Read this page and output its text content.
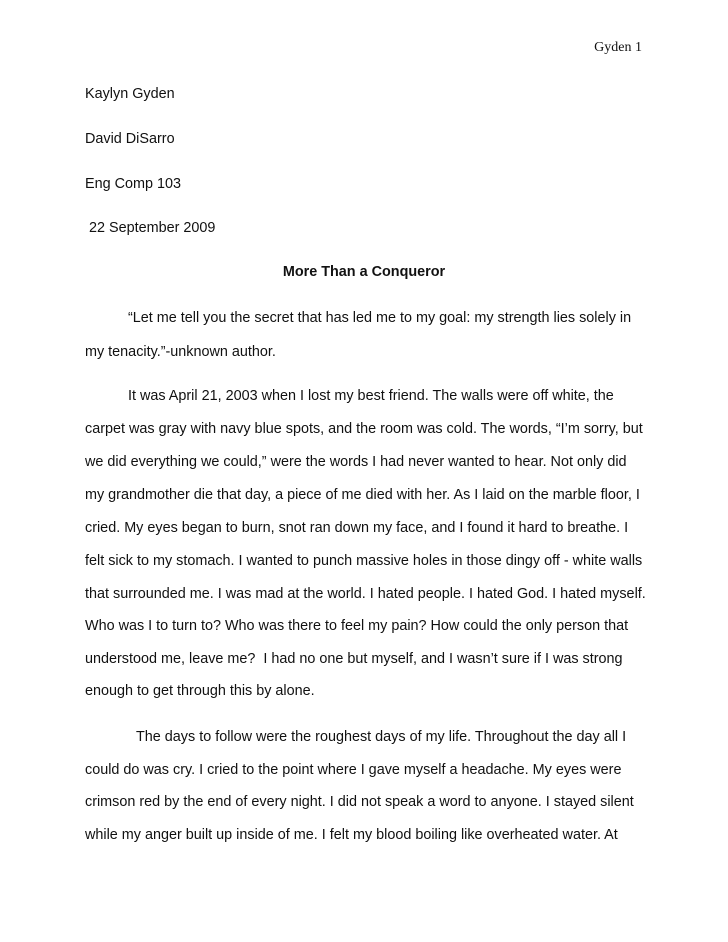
Gyden 1
Kaylyn Gyden
David DiSarro
Eng Comp 103
22 September 2009
More Than a Conqueror
“Let me tell you the secret that has led me to my goal: my strength lies solely in
my tenacity.”-unknown author.
It was April 21, 2003 when I lost my best friend. The walls were off white, the
carpet was gray with navy blue spots, and the room was cold. The words, “I’m sorry, but
we did everything we could,” were the words I had never wanted to hear. Not only did
my grandmother die that day, a piece of me died with her. As I laid on the marble floor, I
cried. My eyes began to burn, snot ran down my face, and I found it hard to breathe. I
felt sick to my stomach. I wanted to punch massive holes in those dingy off - white walls
that surrounded me. I was mad at the world. I hated people. I hated God. I hated myself.
Who was I to turn to? Who was there to feel my pain? How could the only person that
understood me, leave me?  I had no one but myself, and I wasn’t sure if I was strong
enough to get through this by alone.
The days to follow were the roughest days of my life. Throughout the day all I
could do was cry. I cried to the point where I gave myself a headache. My eyes were
crimson red by the end of every night. I did not speak a word to anyone. I stayed silent
while my anger built up inside of me. I felt my blood boiling like overheated water. At
